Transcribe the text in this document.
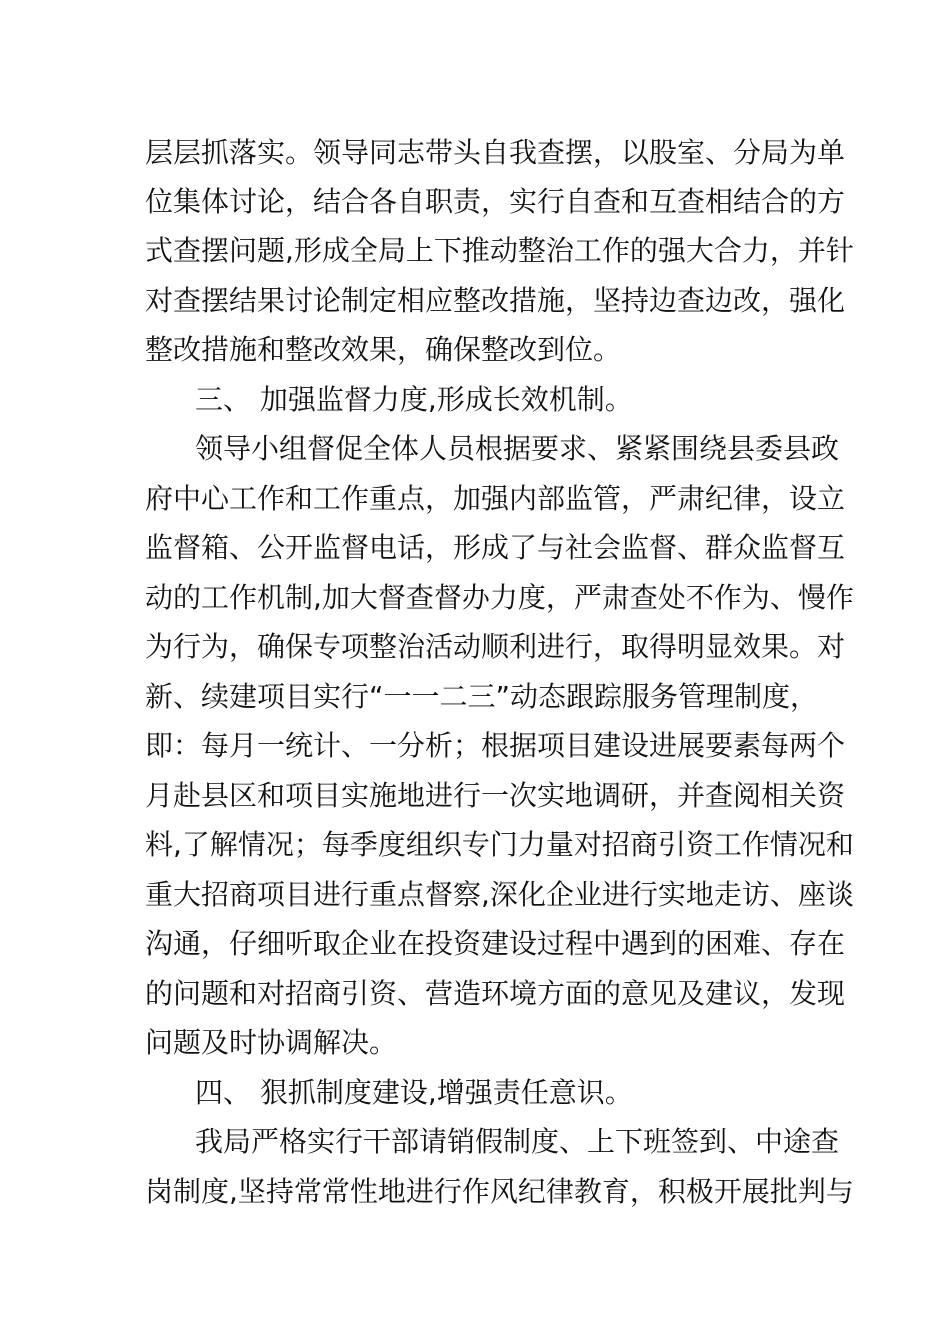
层层抓落实。领导同志带头自我查摆，以股室、分局为单
位集体讨论，结合各自职责，实行自查和互查相结合的方
式查摆问题,形成全局上下推动整治工作的强大合力，并针
对查摆结果讨论制定相应整改措施，坚持边查边改，强化
整改措施和整改效果，确保整改到位。
三、 加强监督力度,形成长效机制。
领导小组督促全体人员根据要求、紧紧围绕县委县政
府中心工作和工作重点，加强内部监管，严肃纪律，设立
监督箱、公开监督电话，形成了与社会监督、群众监督互
动的工作机制,加大督查督办力度，严肃查处不作为、慢作
为行为，确保专项整治活动顺利进行，取得明显效果。对
新、续建项目实行“一一二三”动态跟踪服务管理制度，
即：每月一统计、一分析；根据项目建设进展要素每两个
月赴县区和项目实施地进行一次实地调研，并查阅相关资
料,了解情况；每季度组织专门力量对招商引资工作情况和
重大招商项目进行重点督察,深化企业进行实地走访、座谈
沟通，仔细听取企业在投资建设过程中遇到的困难、存在
的问题和对招商引资、营造环境方面的意见及建议，发现
问题及时协调解决。
四、 狠抓制度建设,增强责任意识。
我局严格实行干部请销假制度、上下班签到、中途查
岗制度,坚持常常性地进行作风纪律教育，积极开展批判与
